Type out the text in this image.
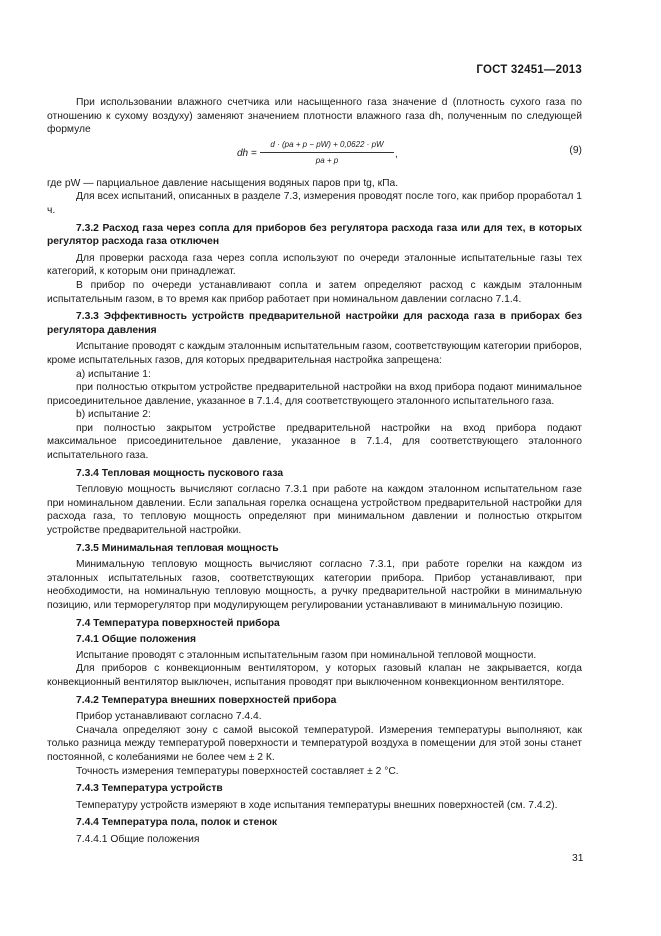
ГОСТ 32451—2013

При использовании влажного счетчика или насыщенного газа значение d (плотность сухого газа по отношению к сухому воздуху) заменяют значением плотности влажного газа dh, полученным по следующей формуле

dh = $\frac{d \cdot (pa + p - pW) + 0,0622 \cdot pW}{pa + p}$ ,	(9)

где pW — парциальное давление насыщения водяных паров при tg, кПа.

Для всех испытаний, описанных в разделе 7.3, измерения проводят после того, как прибор проработал 1 ч.

7.3.2 Расход газа через сопла для приборов без регулятора расхода газа или для тех, в которых регулятор расхода газа отключен

Для проверки расхода газа через сопла используют по очереди эталонные испытательные газы тех категорий, к которым они принадлежат.

В прибор по очереди устанавливают сопла и затем определяют расход с каждым эталонным испытательным газом, в то время как прибор работает при номинальном давлении согласно 7.1.4.

7.3.3 Эффективность устройств предварительной настройки для расхода газа в приборах без регулятора давления

Испытание проводят с каждым эталонным испытательным газом, соответствующим категории приборов, кроме испытательных газов, для которых предварительная настройка запрещена:

a) испытание 1:

при полностью открытом устройстве предварительной настройки на вход прибора подают минимальное присоединительное давление, указанное в 7.1.4, для соответствующего эталонного испытательного газа.

b) испытание 2:

при полностью закрытом устройстве предварительной настройки на вход прибора подают максимальное присоединительное давление, указанное в 7.1.4, для соответствующего эталонного испытательного газа.

7.3.4 Тепловая мощность пускового газа

Тепловую мощность вычисляют согласно 7.3.1 при работе на каждом эталонном испытательном газе при номинальном давлении. Если запальная горелка оснащена устройством предварительной настройки для расхода газа, то тепловую мощность определяют при минимальном давлении и полностью открытом устройстве предварительной настройки.

7.3.5 Минимальная тепловая мощность

Минимальную тепловую мощность вычисляют согласно 7.3.1, при работе горелки на каждом из эталонных испытательных газов, соответствующих категории прибора. Прибор устанавливают, при необходимости, на номинальную тепловую мощность, а ручку предварительной настройки в минимальную позицию, или терморегулятор при модулирующем регулировании устанавливают в минимальную позицию.

7.4 Температура поверхностей прибора
7.4.1 Общие положения

Испытание проводят с эталонным испытательным газом при номинальной тепловой мощности.

Для приборов с конвекционным вентилятором, у которых газовый клапан не закрывается, когда конвекционный вентилятор выключен, испытания проводят при выключенном конвекционном вентиляторе.

7.4.2 Температура внешних поверхностей прибора

Прибор устанавливают согласно 7.4.4.

Сначала определяют зону с самой высокой температурой. Измерения температуры выполняют, как только разница между температурой поверхности и температурой воздуха в помещении для этой зоны станет постоянной, с колебаниями не более чем ± 2 К.

Точность измерения температуры поверхностей составляет ± 2 °С.

7.4.3 Температура устройств

Температуру устройств измеряют в ходе испытания температуры внешних поверхностей (см. 7.4.2).

7.4.4 Температура пола, полок и стенок

7.4.4.1 Общие положения

31
